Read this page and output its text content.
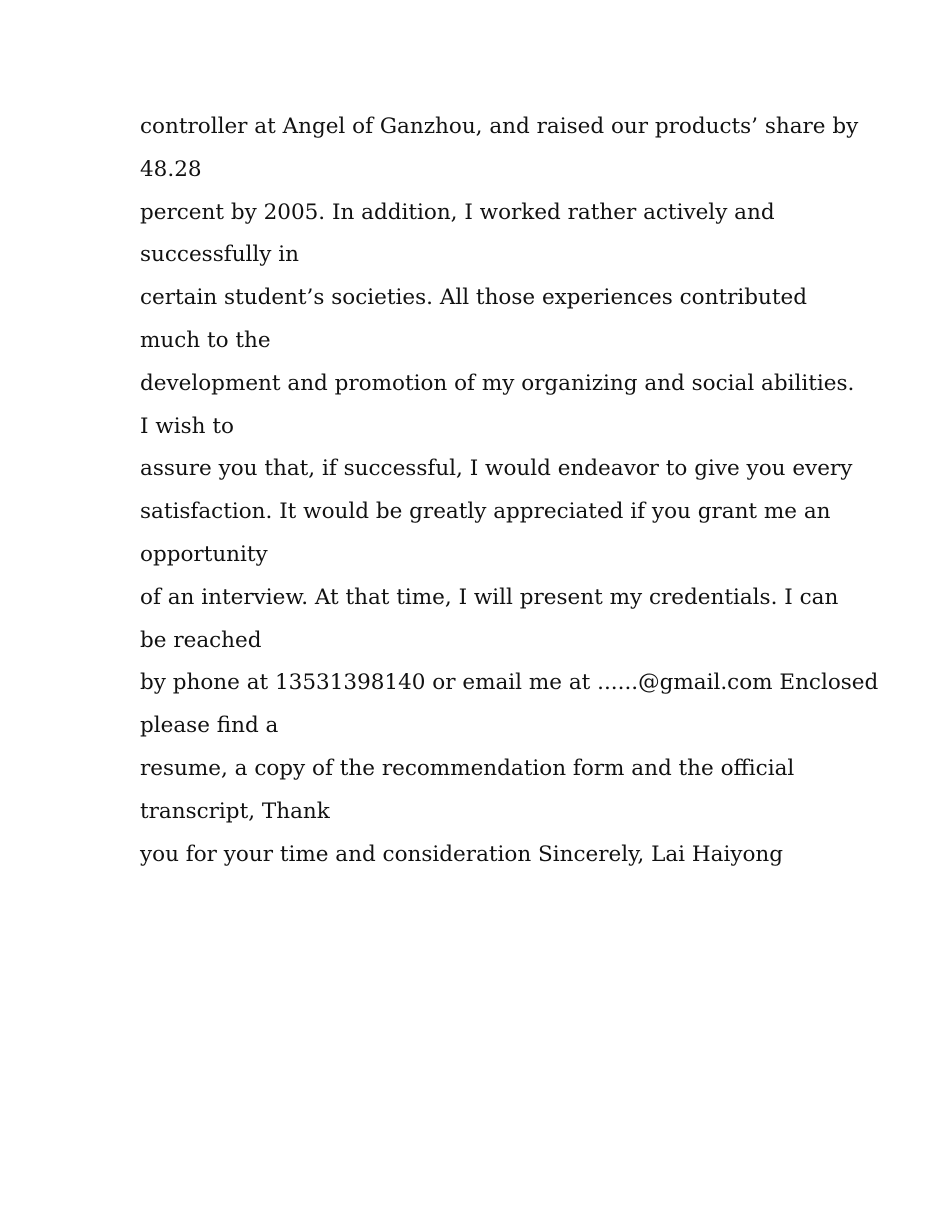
controller at Angel of Ganzhou, and raised our products’ share by
48.28
percent by 2005. In addition, I worked rather actively and
successfully in
certain student’s societies. All those experiences contributed
much to the
development and promotion of my organizing and social abilities.
I wish to
assure you that, if successful, I would endeavor to give you every
satisfaction. It would be greatly appreciated if you grant me an
opportunity
of an interview. At that time, I will present my credentials. I can
be reached
by phone at 13531398140 or email me at ......@gmail.com Enclosed
please find a
resume, a copy of the recommendation form and the official
transcript, Thank
you for your time and consideration Sincerely, Lai Haiyong
